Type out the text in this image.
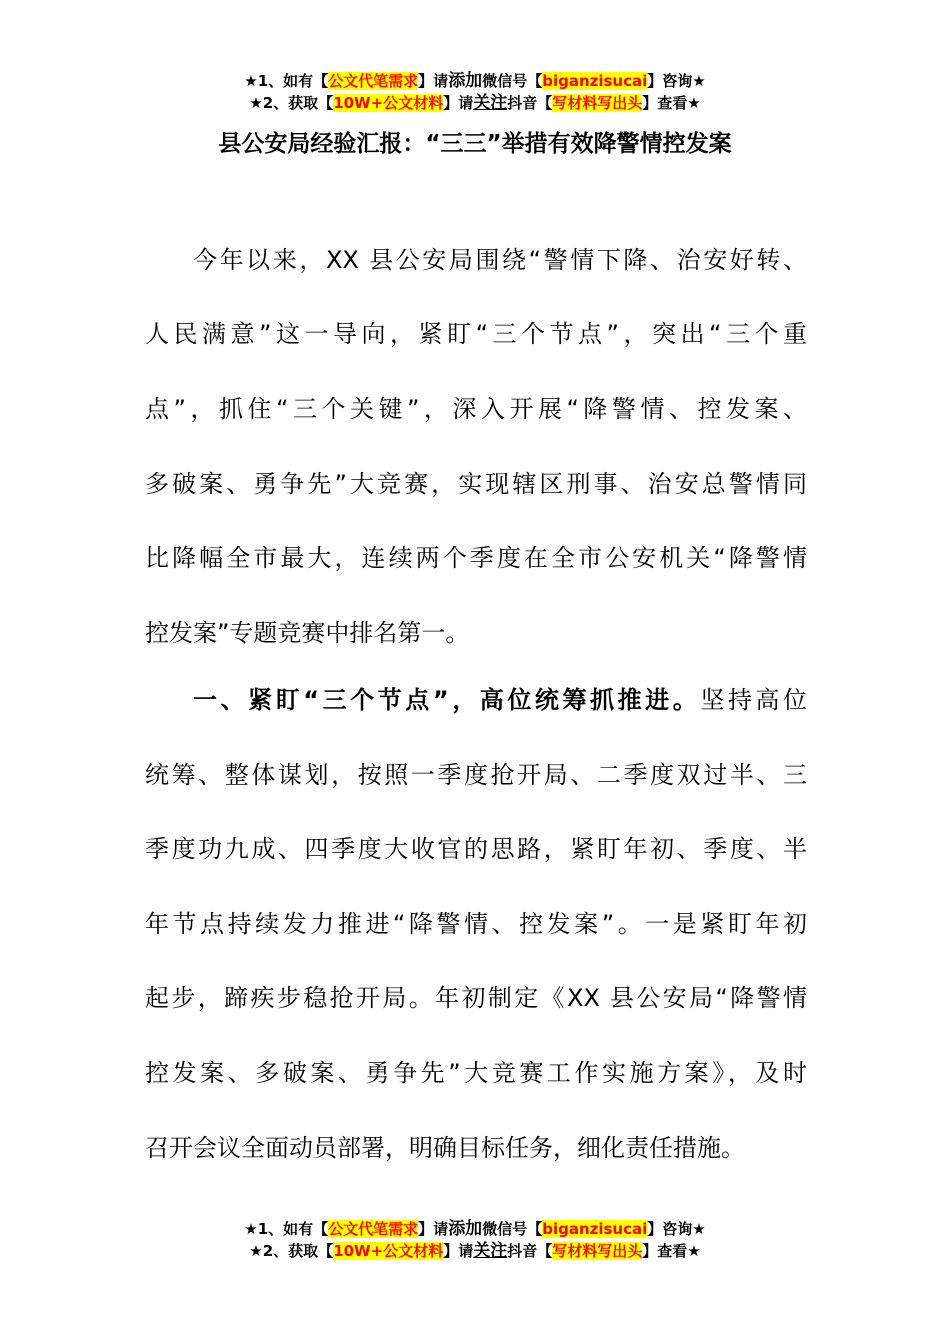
★1、如有【公文代笔需求】请添加微信号【biganzisucai】咨询★
★2、获取【10W+公文材料】请关注抖音【写材料写出头】查看★
县公安局经验汇报：“三三”举措有效降警情控发案
今年以来，XX 县公安局围绕“警情下降、治安好转、
人民满意”这一导向，紧盯“三个节点”，突出“三个重
点”，抓住“三个关键”，深入开展“降警情、控发案、
多破案、勇争先”大竞赛，实现辖区刑事、治安总警情同
比降幅全市最大，连续两个季度在全市公安机关“降警情
控发案”专题竞赛中排名第一。
一、紧盯“三个节点”，高位统筹抓推进。坚持高位
统筹、整体谋划，按照一季度抢开局、二季度双过半、三
季度功九成、四季度大收官的思路，紧盯年初、季度、半
年节点持续发力推进“降警情、控发案”。一是紧盯年初
起步，蹄疾步稳抢开局。年初制定《XX 县公安局“降警情
控发案、多破案、勇争先”大竞赛工作实施方案》，及时
召开会议全面动员部署，明确目标任务，细化责任措施。
★1、如有【公文代笔需求】请添加微信号【biganzisucai】咨询★
★2、获取【10W+公文材料】请关注抖音【写材料写出头】查看★
